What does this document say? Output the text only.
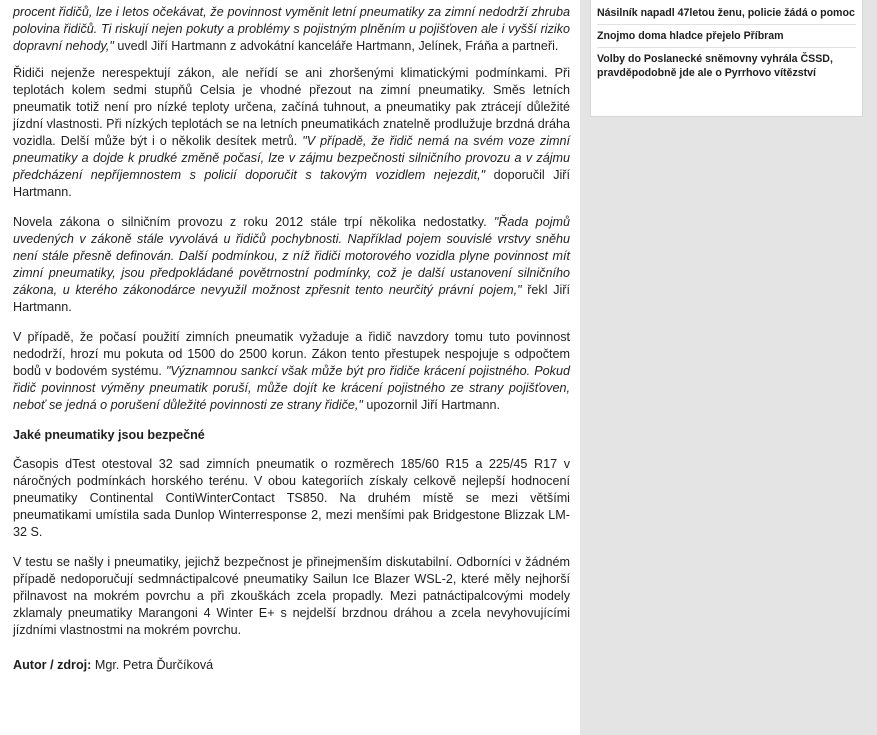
procent řidičů, lze i letos očekávat, že povinnost vyměnit letní pneumatiky za zimní nedodrží zhruba polovina řidičů. Ti riskují nejen pokuty a problémy s pojistným plněním u pojišťoven ale i vyšší riziko dopravní nehody," uvedl Jiří Hartmann z advokátní kanceláře Hartmann, Jelínek, Fráňa a partneři.

Řidiči nejenže nerespektují zákon, ale neřídí se ani zhoršenými klimatickými podmínkami. Při teplotách kolem sedmi stupňů Celsia je vhodné přezout na zimní pneumatiky. Směs letních pneumatik totiž není pro nízké teploty určena, začíná tuhnout, a pneumatiky pak ztrácejí důležité jízdní vlastnosti. Při nízkých teplotách se na letních pneumatikách znatelně prodlužuje brzdná dráha vozidla. Delší může být i o několik desítek metrů. "V případě, že řidič nemá na svém voze zimní pneumatiky a dojde k prudké změně počasí, lze v zájmu bezpečnosti silničního provozu a v zájmu předcházení nepříjemnostem s policií doporučit s takovým vozidlem nejezdit," doporučil Jiří Hartmann.

Novela zákona o silničním provozu z roku 2012 stále trpí několika nedostatky. "Řada pojmů uvedených v zákoně stále vyvolává u řidičů pochybnosti. Například pojem souvislé vrstvy sněhu není stále přesně definován. Další podmínkou, z níž řidiči motorového vozidla plyne povinnost mít zimní pneumatiky, jsou předpokládané povětrnostní podmínky, což je další ustanovení silničního zákona, u kterého zákonodárce nevyužil možnost zpřesnit tento neurčitý právní pojem," řekl Jiří Hartmann.

V případě, že počasí použití zimních pneumatik vyžaduje a řidič navzdory tomu tuto povinnost nedodrží, hrozí mu pokuta od 1500 do 2500 korun. Zákon tento přestupek nespojuje s odpočtem bodů v bodovém systému. "Významnou sankcí však může být pro řidiče krácení pojistného. Pokud řidič povinnost výměny pneumatik poruší, může dojít ke krácení pojistného ze strany pojišťoven, neboť se jedná o porušení důležité povinnosti ze strany řidiče," upozornil Jiří Hartmann.

Jaké pneumatiky jsou bezpečné

Časopis dTest otestoval 32 sad zimních pneumatik o rozměrech 185/60 R15 a 225/45 R17 v náročných podmínkách horského terénu. V obou kategoriích získaly celkově nejlepší hodnocení pneumatiky Continental ContiWinterContact TS850. Na druhém místě se mezi většími pneumatikami umístila sada Dunlop Winterresponse 2, mezi menšími pak Bridgestone Blizzak LM-32 S.

V testu se našly i pneumatiky, jejichž bezpečnost je přinejmenším diskutabilní. Odborníci v žádném případě nedoporučují sedmnáctipalcové pneumatiky Sailun Ice Blazer WSL-2, které měly nejhorší přilnavost na mokrém povrchu a při zkouškách zcela propadly. Mezi patnáctipalcovými modely zklamaly pneumatiky Marangoni 4 Winter E+ s nejdelší brzdnou dráhou a zcela nevyhovujícími jízdními vlastnostmi na mokrém povrchu.

Autor / zdroj: Mgr. Petra Ďurčíková

Násilník napadl 47letou ženu, policie žádá o pomoc
Znojmo doma hladce přejelo Příbram
Volby do Poslanecké sněmovny vyhrála ČSSD, pravděpodobně jde ale o Pyrrhovo vítězství
